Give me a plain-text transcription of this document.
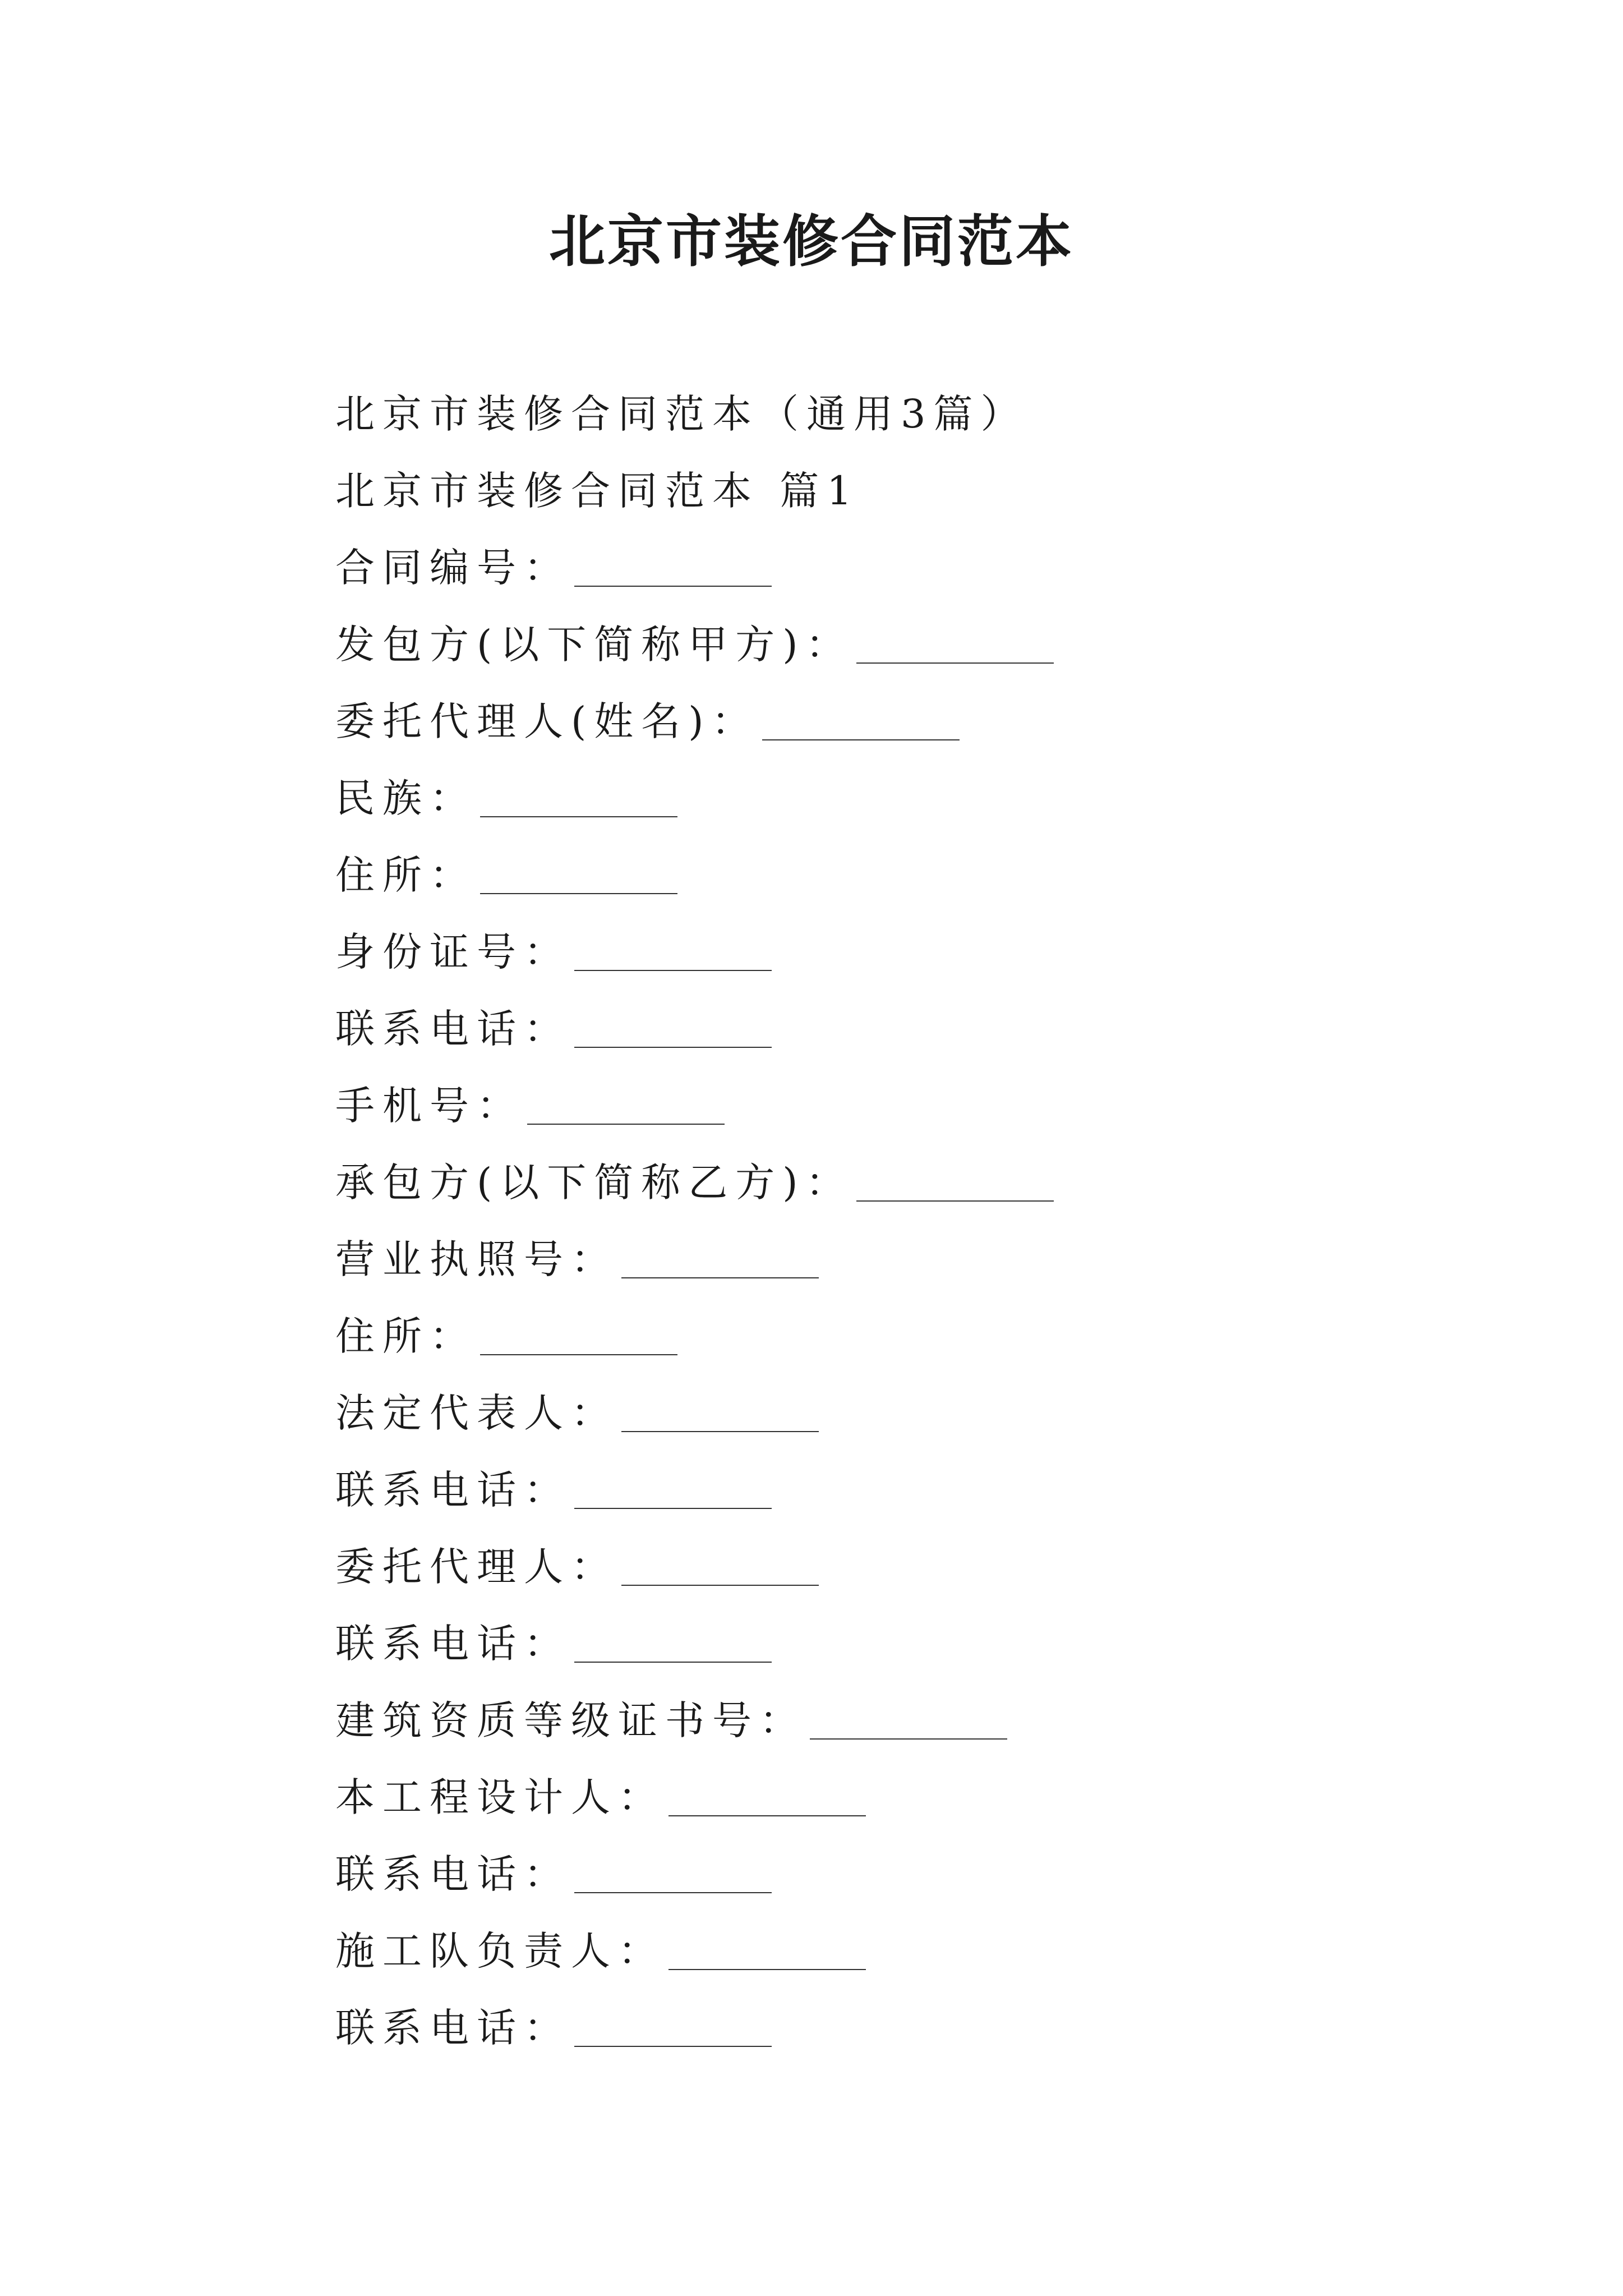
北京市装修合同范本
北京市装修合同范本（通用3篇）
北京市装修合同范本 篇1
合同编号：
发包方(以下简称甲方)：
委托代理人(姓名)：
民族：
住所：
身份证号：
联系电话：
手机号：
承包方(以下简称乙方)：
营业执照号：
住所：
法定代表人：
联系电话：
委托代理人：
联系电话：
建筑资质等级证书号：
本工程设计人：
联系电话：
施工队负责人：
联系电话：
